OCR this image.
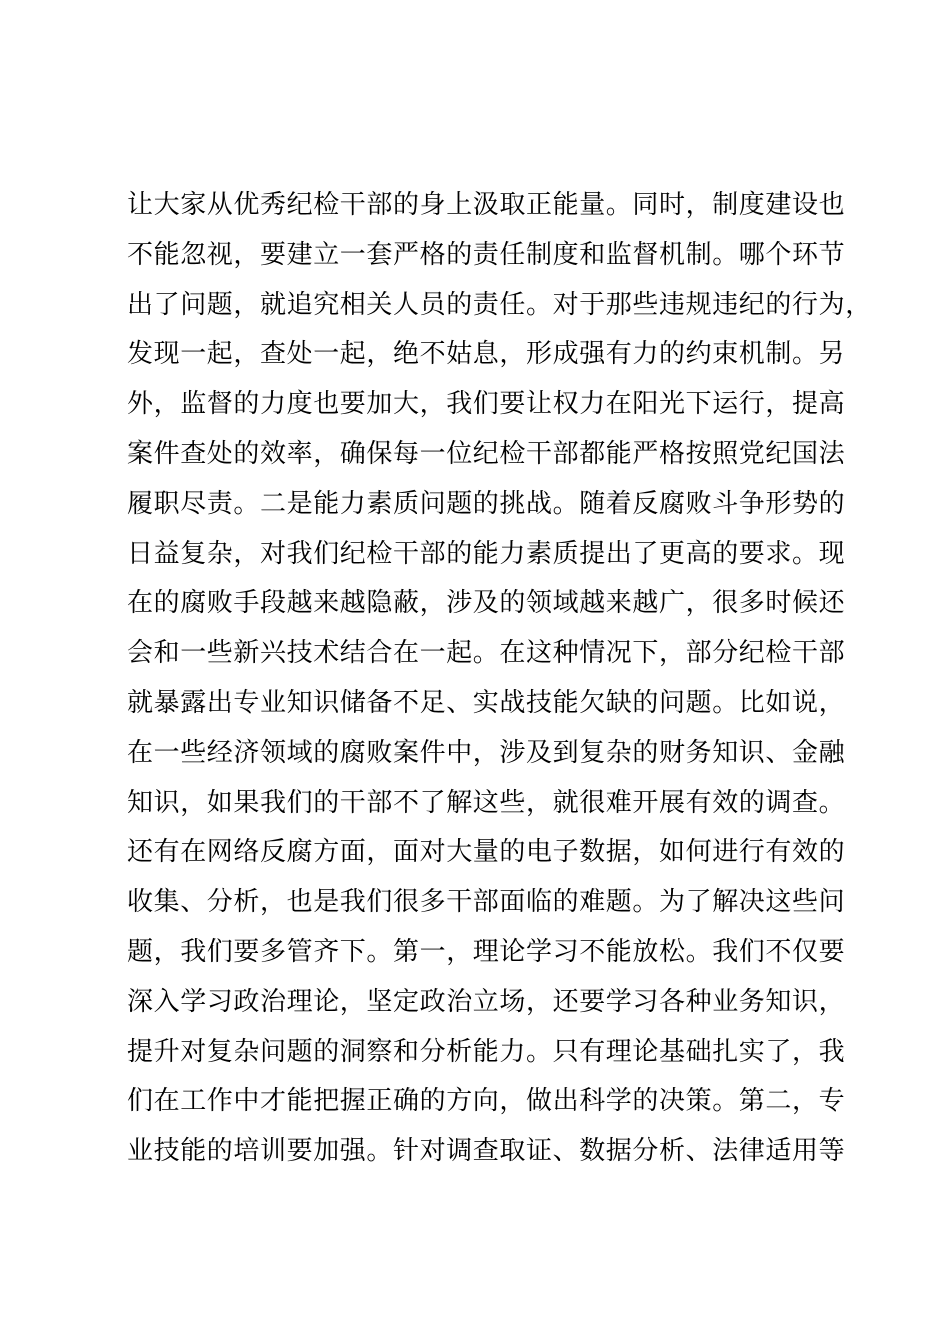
让大家从优秀纪检干部的身上汲取正能量。同时，制度建设也
不能忽视，要建立一套严格的责任制度和监督机制。哪个环节
出了问题，就追究相关人员的责任。对于那些违规违纪的行为，
发现一起，查处一起，绝不姑息，形成强有力的约束机制。另
外，监督的力度也要加大，我们要让权力在阳光下运行，提高
案件查处的效率，确保每一位纪检干部都能严格按照党纪国法
履职尽责。二是能力素质问题的挑战。随着反腐败斗争形势的
日益复杂，对我们纪检干部的能力素质提出了更高的要求。现
在的腐败手段越来越隐蔽，涉及的领域越来越广，很多时候还
会和一些新兴技术结合在一起。在这种情况下，部分纪检干部
就暴露出专业知识储备不足、实战技能欠缺的问题。比如说，
在一些经济领域的腐败案件中，涉及到复杂的财务知识、金融
知识，如果我们的干部不了解这些，就很难开展有效的调查。
还有在网络反腐方面，面对大量的电子数据，如何进行有效的
收集、分析，也是我们很多干部面临的难题。为了解决这些问
题，我们要多管齐下。第一，理论学习不能放松。我们不仅要
深入学习政治理论，坚定政治立场，还要学习各种业务知识，
提升对复杂问题的洞察和分析能力。只有理论基础扎实了，我
们在工作中才能把握正确的方向，做出科学的决策。第二，专
业技能的培训要加强。针对调查取证、数据分析、法律适用等
